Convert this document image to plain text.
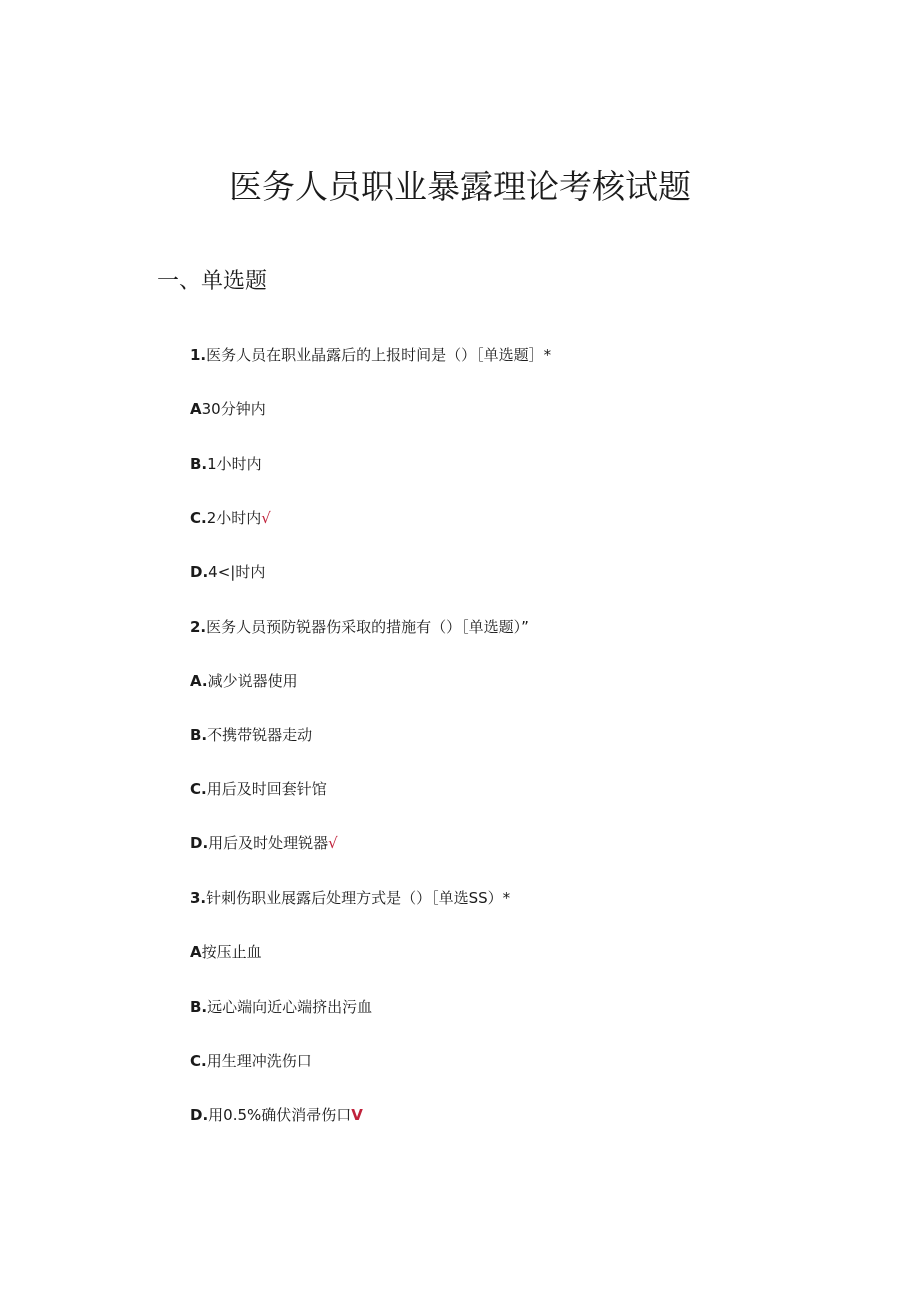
医务人员职业暴露理论考核试题
一、单选题
1.医务人员在职业晶露后的上报时间是（）［单选题］*
A30分钟内
B.1小时内
C.2小时内√
D.4<|时内
2.医务人员预防锐器伤采取的措施有（）［单选题）”
A.减少说器使用
B.不携带锐器走动
C.用后及时回套针馆
D.用后及时处理锐器√
3.针刺伤职业展露后处理方式是（）［单选SS）*
A按压止血
B.远心端向近心端挤出污血
C.用生理冲洗伤口
D.用0.5%确伏消帚伤口V
